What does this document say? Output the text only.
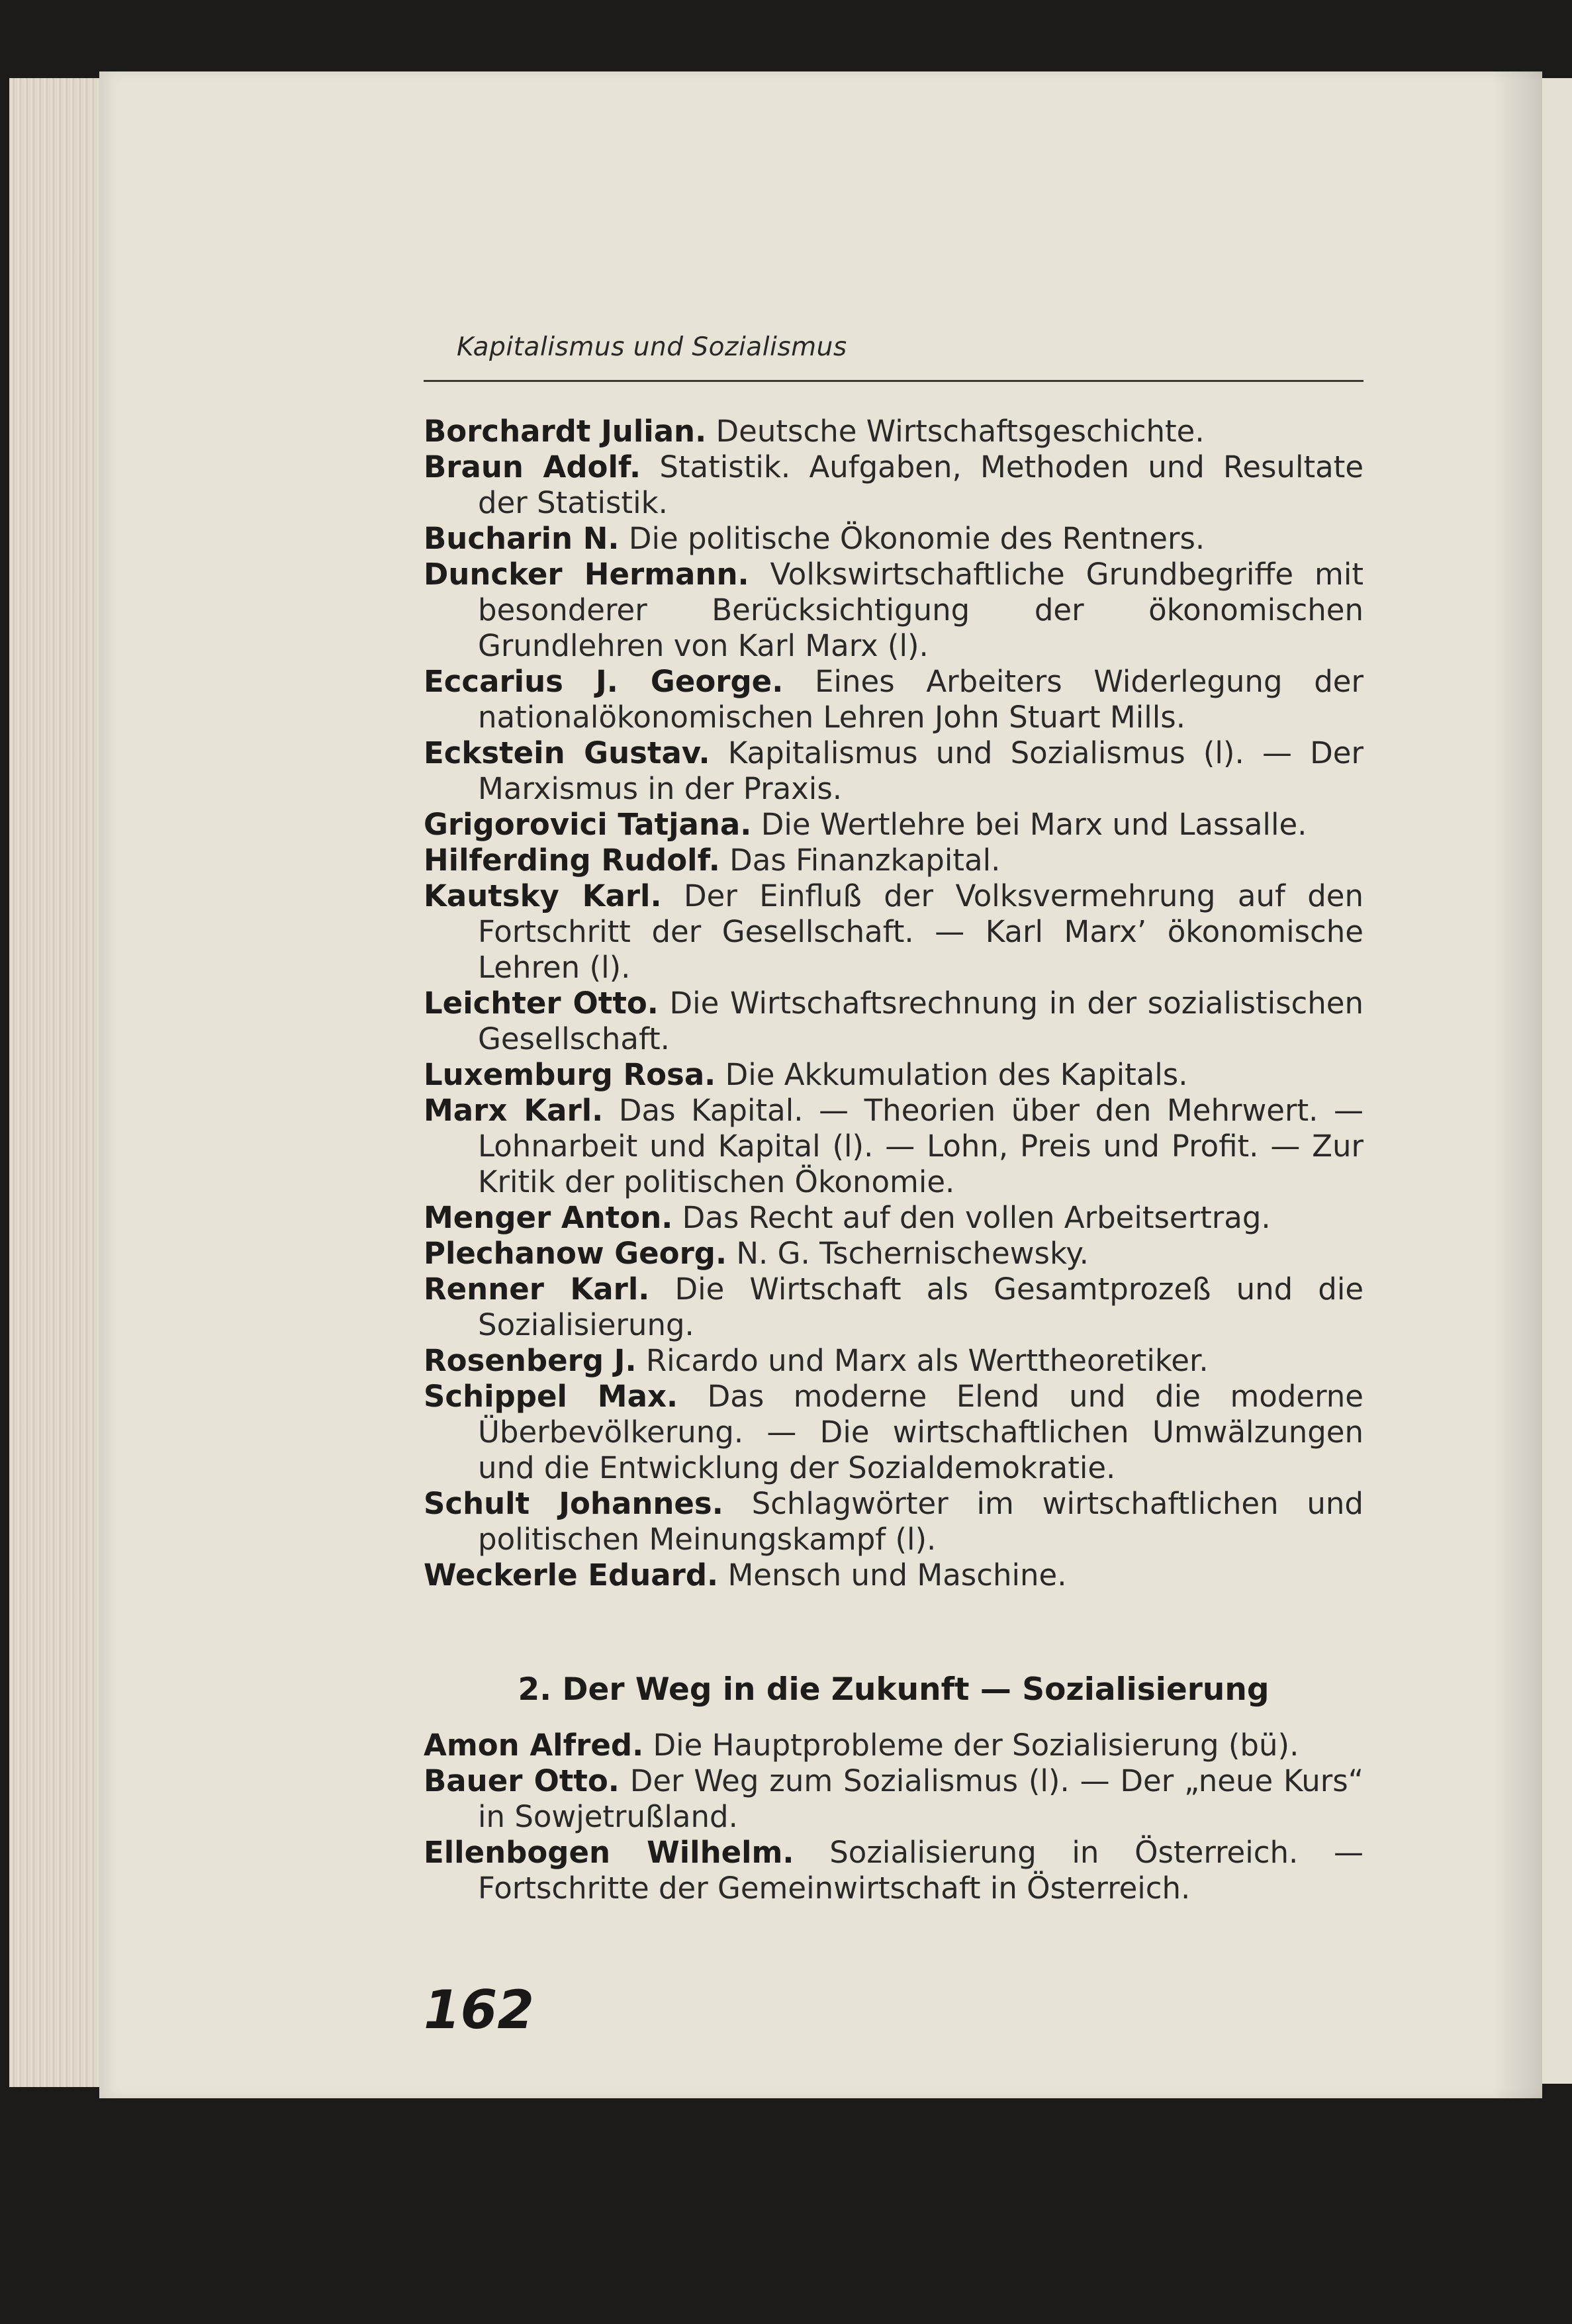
Kapitalismus und Sozialismus

Borchardt Julian. Deutsche Wirtschaftsgeschichte.

Braun Adolf. Statistik. Aufgaben, Methoden und Resultate der Statistik.

Bucharin N. Die politische Ökonomie des Rentners.

Duncker Hermann. Volkswirtschaftliche Grundbegriffe mit besonderer Berücksichtigung der ökonomischen Grundlehren von Karl Marx (l).

Eccarius J. George. Eines Arbeiters Widerlegung der nationalökonomischen Lehren John Stuart Mills.

Eckstein Gustav. Kapitalismus und Sozialismus (l). — Der Marxismus in der Praxis.

Grigorovici Tatjana. Die Wertlehre bei Marx und Lassalle.

Hilferding Rudolf. Das Finanzkapital.

Kautsky Karl. Der Einfluß der Volksvermehrung auf den Fortschritt der Gesellschaft. — Karl Marx’ ökonomische Lehren (l).

Leichter Otto. Die Wirtschaftsrechnung in der sozialistischen Gesellschaft.

Luxemburg Rosa. Die Akkumulation des Kapitals.

Marx Karl. Das Kapital. — Theorien über den Mehrwert. — Lohnarbeit und Kapital (l). — Lohn, Preis und Profit. — Zur Kritik der politischen Ökonomie.

Menger Anton. Das Recht auf den vollen Arbeitsertrag.

Plechanow Georg. N. G. Tschernischewsky.

Renner Karl. Die Wirtschaft als Gesamtprozeß und die Sozialisierung.

Rosenberg J. Ricardo und Marx als Werttheoretiker.

Schippel Max. Das moderne Elend und die moderne Überbevölkerung. — Die wirtschaftlichen Umwälzungen und die Entwicklung der Sozialdemokratie.

Schult Johannes. Schlagwörter im wirtschaftlichen und politischen Meinungskampf (l).

Weckerle Eduard. Mensch und Maschine.

2. Der Weg in die Zukunft — Sozialisierung

Amon Alfred. Die Hauptprobleme der Sozialisierung (bü).

Bauer Otto. Der Weg zum Sozialismus (l). — Der „neue Kurs“ in Sowjetrußland.

Ellenbogen Wilhelm. Sozialisierung in Österreich. — Fortschritte der Gemeinwirtschaft in Österreich.

162
